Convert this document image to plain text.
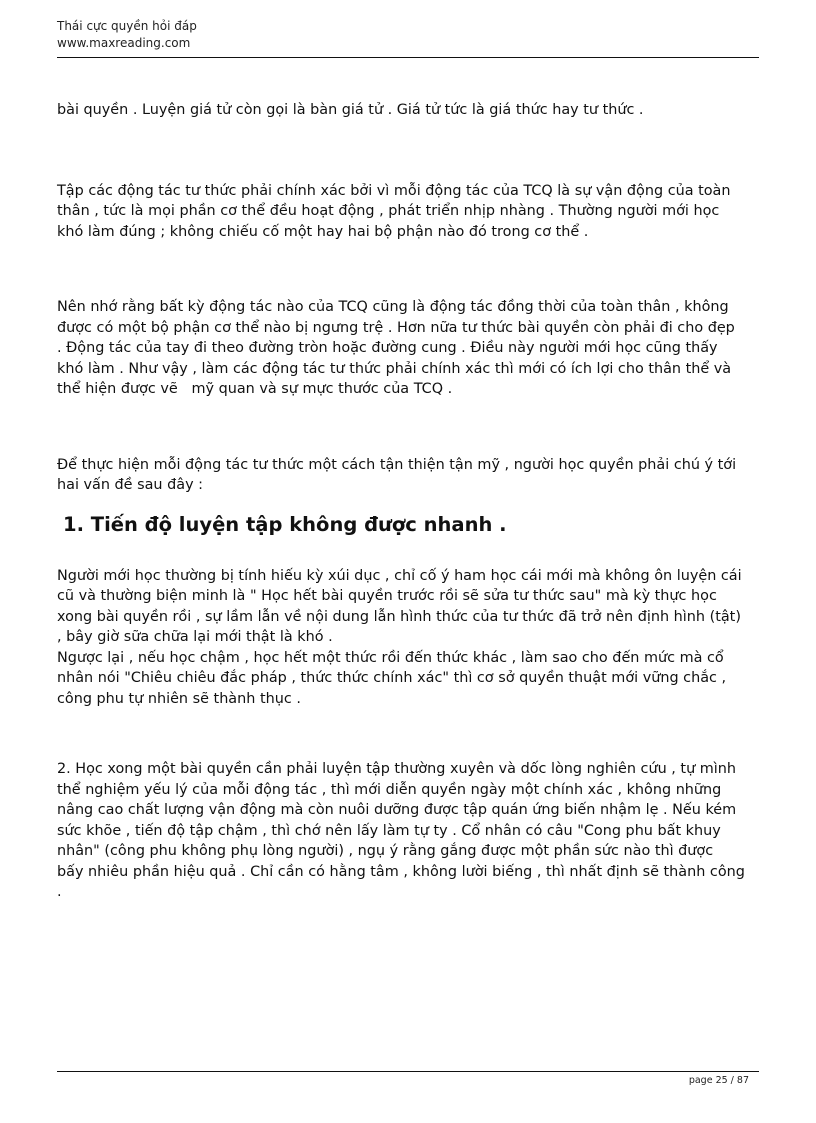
Thái cực quyền hỏi đáp
www.maxreading.com

bài quyền . Luyện giá tử còn gọi là bàn giá tử . Giá tử tức là giá thức hay tư thức .

Tập các động tác tư thức phải chính xác bởi vì mỗi động tác của TCQ là sự vận động của toàn
thân , tức là mọi phần cơ thể đều hoạt động , phát triển nhịp nhàng . Thường người mới học
khó làm đúng ; không chiếu cố một hay hai bộ phận nào đó trong cơ thể .

Nên nhớ rằng bất kỳ động tác nào của TCQ cũng là động tác đồng thời của toàn thân , không
được có một bộ phận cơ thể nào bị ngưng trệ . Hơn nữa tư thức bài quyền còn phải đi cho đẹp
. Động tác của tay đi theo đường tròn hoặc đường cung . Điều này người mới học cũng thấy
khó làm . Như vậy , làm các động tác tư thức phải chính xác thì mới có ích lợi cho thân thể và
thể hiện được vẽ   mỹ quan và sự mực thước của TCQ .

Để thực hiện mỗi động tác tư thức một cách tận thiện tận mỹ , người học quyền phải chú ý tới
hai vấn đề sau đây :

1. Tiến độ luyện tập không được nhanh .

Người mới học thường bị tính hiếu kỳ xúi dục , chỉ cố ý ham học cái mới mà không ôn luyện cái
cũ và thường biện minh là " Học hết bài quyền trước rồi sẽ sửa tư thức sau" mà kỳ thực học
xong bài quyền rồi , sự lầm lẫn về nội dung lẫn hình thức của tư thức đã trở nên định hình (tật)
, bây giờ sữa chữa lại mới thật là khó .
Ngược lại , nếu học chậm , học hết một thức rồi đến thức khác , làm sao cho đến mức mà cổ
nhân nói "Chiêu chiêu đắc pháp , thức thức chính xác" thì cơ sở quyền thuật mới vững chắc ,
công phu tự nhiên sẽ thành thục .

2. Học xong một bài quyền cần phải luyện tập thường xuyên và dốc lòng nghiên cứu , tự mình
thể nghiệm yếu lý của mỗi động tác , thì mới diễn quyền ngày một chính xác , không những
nâng cao chất lượng vận động mà còn nuôi dưỡng được tập quán ứng biến nhậm lẹ . Nếu kém
sức khõe , tiến độ tập chậm , thì chớ nên lấy làm tự ty . Cổ nhân có câu "Cong phu bất khuy
nhân" (công phu không phụ lòng người) , ngụ ý rằng gắng được một phần sức nào thì được
bấy nhiêu phần hiệu quả . Chỉ cần có hằng tâm , không lười biếng , thì nhất định sẽ thành công
.

page 25 / 87
